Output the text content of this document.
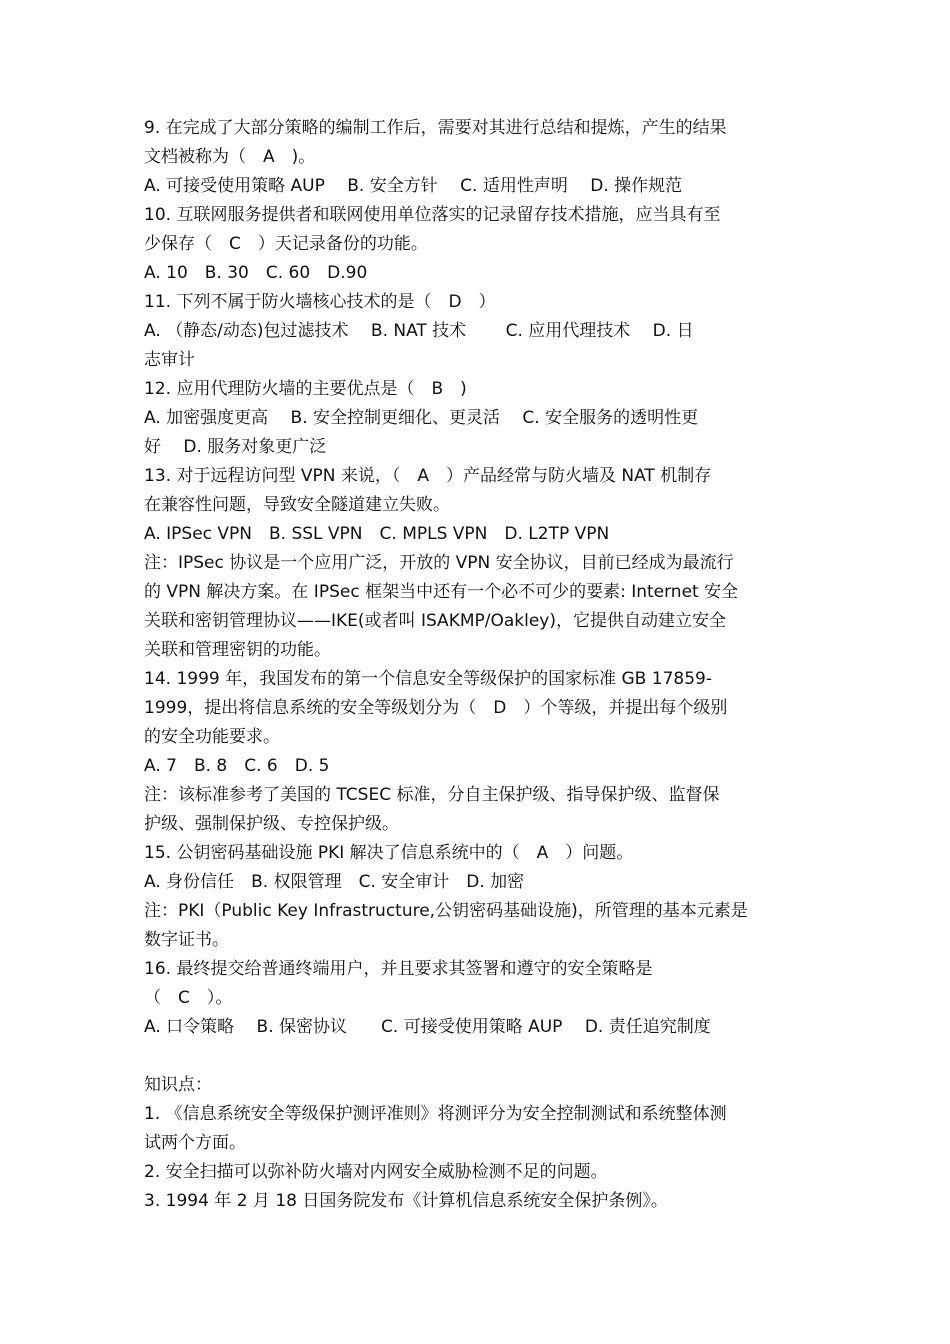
9. 在完成了大部分策略的编制工作后，需要对其进行总结和提炼，产生的结果
文档被称为（　A　)。
A. 可接受使用策略 AUP　 B. 安全方针　 C. 适用性声明　 D. 操作规范
10. 互联网服务提供者和联网使用单位落实的记录留存技术措施，应当具有至
少保存（　C　）天记录备份的功能。
A. 10　B. 30　C. 60　D.90
11. 下列不属于防火墙核心技术的是（　D　）
A. （静态/动态)包过滤技术　 B. NAT 技术　　 C. 应用代理技术　 D. 日
志审计
12. 应用代理防火墙的主要优点是（　B　)
A. 加密强度更高　 B. 安全控制更细化、更灵活　 C. 安全服务的透明性更
好　 D. 服务对象更广泛
13. 对于远程访问型 VPN 来说，（　A　）产品经常与防火墙及 NAT 机制存
在兼容性问题，导致安全隧道建立失败。
A. IPSec VPN　B. SSL VPN　C. MPLS VPN　D. L2TP VPN
注：IPSec 协议是一个应用广泛，开放的 VPN 安全协议，目前已经成为最流行
的 VPN 解决方案。在 IPSec 框架当中还有一个必不可少的要素: Internet 安全
关联和密钥管理协议——IKE(或者叫 ISAKMP/Oakley)，它提供自动建立安全
关联和管理密钥的功能。
14. 1999 年，我国发布的第一个信息安全等级保护的国家标准 GB 17859-
1999，提出将信息系统的安全等级划分为（　D　）个等级，并提出每个级别
的安全功能要求。
A. 7　B. 8　C. 6　D. 5
注：该标准参考了美国的 TCSEC 标准，分自主保护级、指导保护级、监督保
护级、强制保护级、专控保护级。
15. 公钥密码基础设施 PKI 解决了信息系统中的（　A　）问题。
A. 身份信任　B. 权限管理　C. 安全审计　D. 加密
注：PKI（Public Key Infrastructure,公钥密码基础设施)，所管理的基本元素是
数字证书。
16. 最终提交给普通终端用户，并且要求其签署和遵守的安全策略是
（　C　）。
A. 口令策略　 B. 保密协议　　C. 可接受使用策略 AUP　 D. 责任追究制度
知识点：
1. 《信息系统安全等级保护测评准则》将测评分为安全控制测试和系统整体测
试两个方面。
2. 安全扫描可以弥补防火墙对内网安全威胁检测不足的问题。
3. 1994 年 2 月 18 日国务院发布《计算机信息系统安全保护条例》。
